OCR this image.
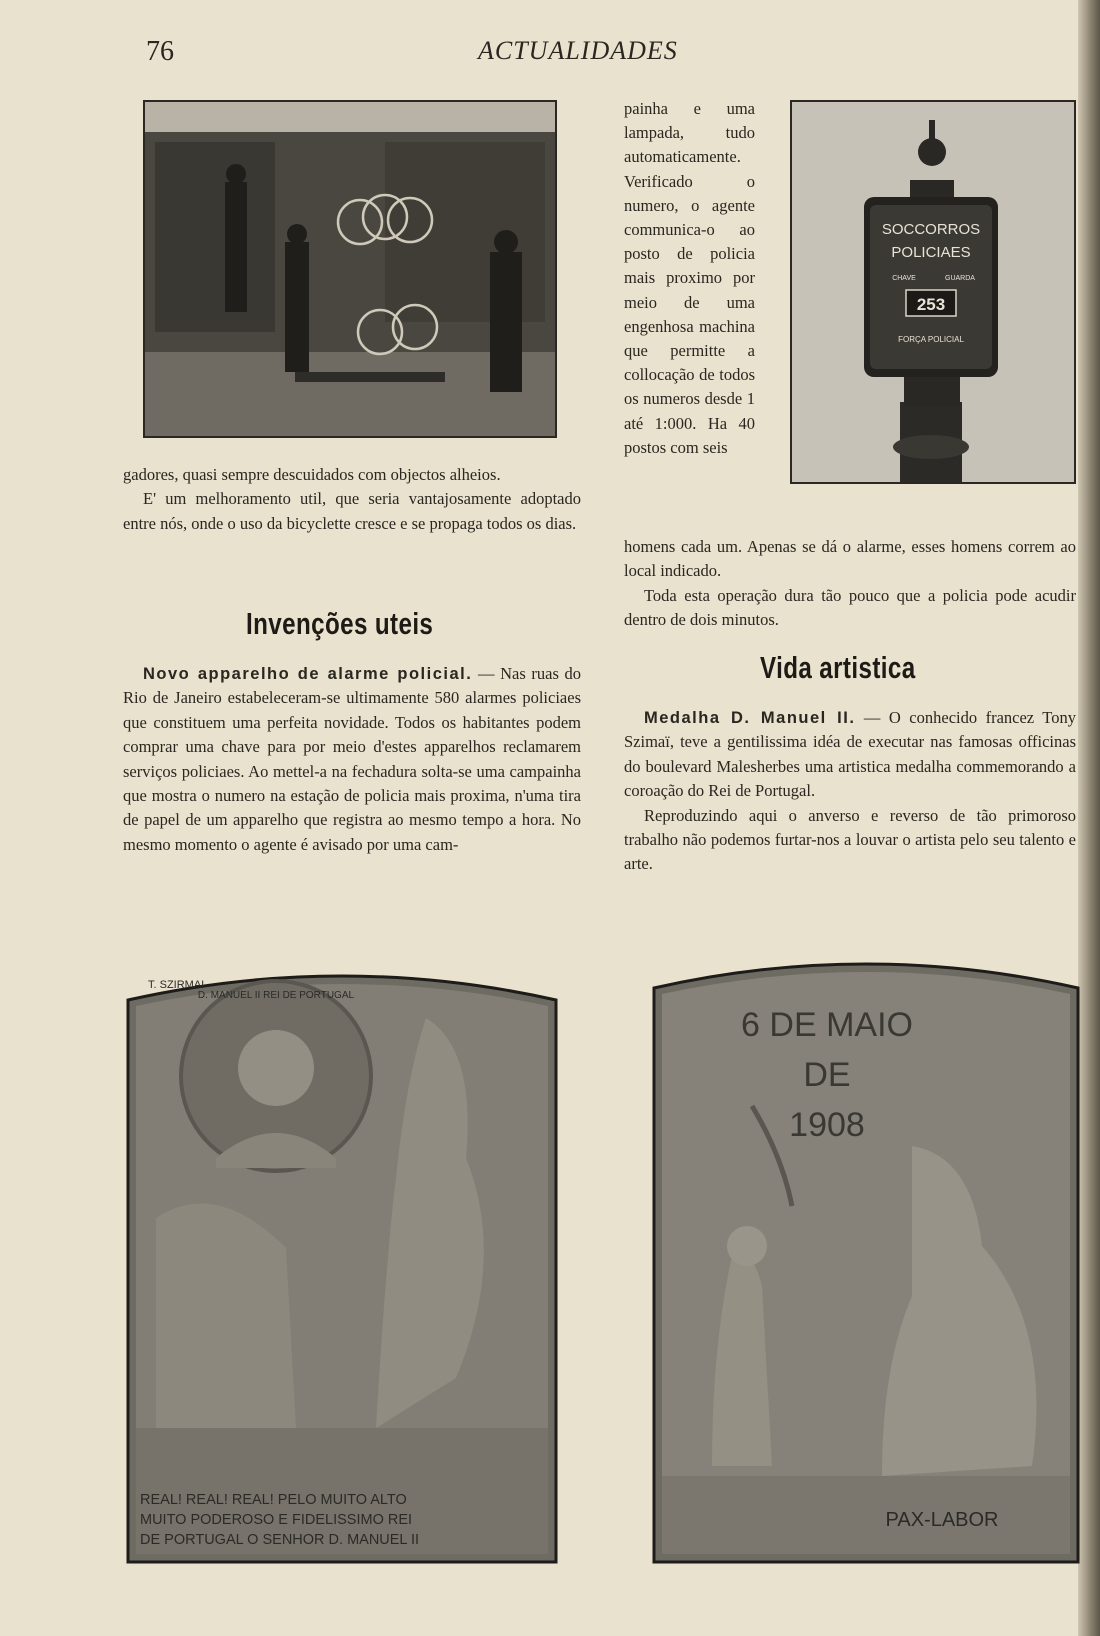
76	ACTUALIDADES
SOCCORROS
POLICIAES
CHAVE	GUARDA
253
FORÇA POLICIAL

gadores, quasi sempre descuidados com objectos alheios.

E' um melhoramento util, que seria vantajosamente adoptado entre nós, onde o uso da bicyclette cresce e se propaga todos os dias.

painha e uma lampada, tudo automaticamente. Verificado o numero, o agente communica-o ao posto de policia mais proximo por meio de uma engenhosa machina que permitte a collocação de todos os numeros desde 1 até 1:000. Ha 40 postos com seis

homens cada um. Apenas se dá o alarme, esses homens correm ao local indicado.

Toda esta operação dura tão pouco que a policia pode acudir dentro de dois minutos.

Invenções uteis

Novo apparelho de alarme policial. — Nas ruas do Rio de Janeiro estabeleceram-se ultimamente 580 alarmes policiaes que constituem uma perfeita novidade. Todos os habitantes podem comprar uma chave para por meio d'estes apparelhos reclamarem serviços policiaes. Ao mettel-a na fechadura solta-se uma campainha que mostra o numero na estação de policia mais proxima, n'uma tira de papel de um apparelho que registra ao mesmo tempo a hora. No mesmo momento o agente é avisado por uma cam-

Vida artistica

Medalha D. Manuel II. — O conhecido francez Tony Szimaï, teve a gentilissima idéa de executar nas famosas officinas do boulevard Malesherbes uma artistica medalha commemorando a coroação do Rei de Portugal.

Reproduzindo aqui o anverso e reverso de tão primoroso trabalho não podemos furtar-nos a louvar o artista pelo seu talento e arte.

T. SZIRMAI
D. MANUEL II REI DE PORTUGAL
REAL! REAL! REAL! PELO MUITO ALTO
MUITO PODEROSO E FIDELISSIMO REI
DE PORTUGAL O SENHOR D. MANUEL II
6 DE MAIO
DE
1908
PAX-LABOR
